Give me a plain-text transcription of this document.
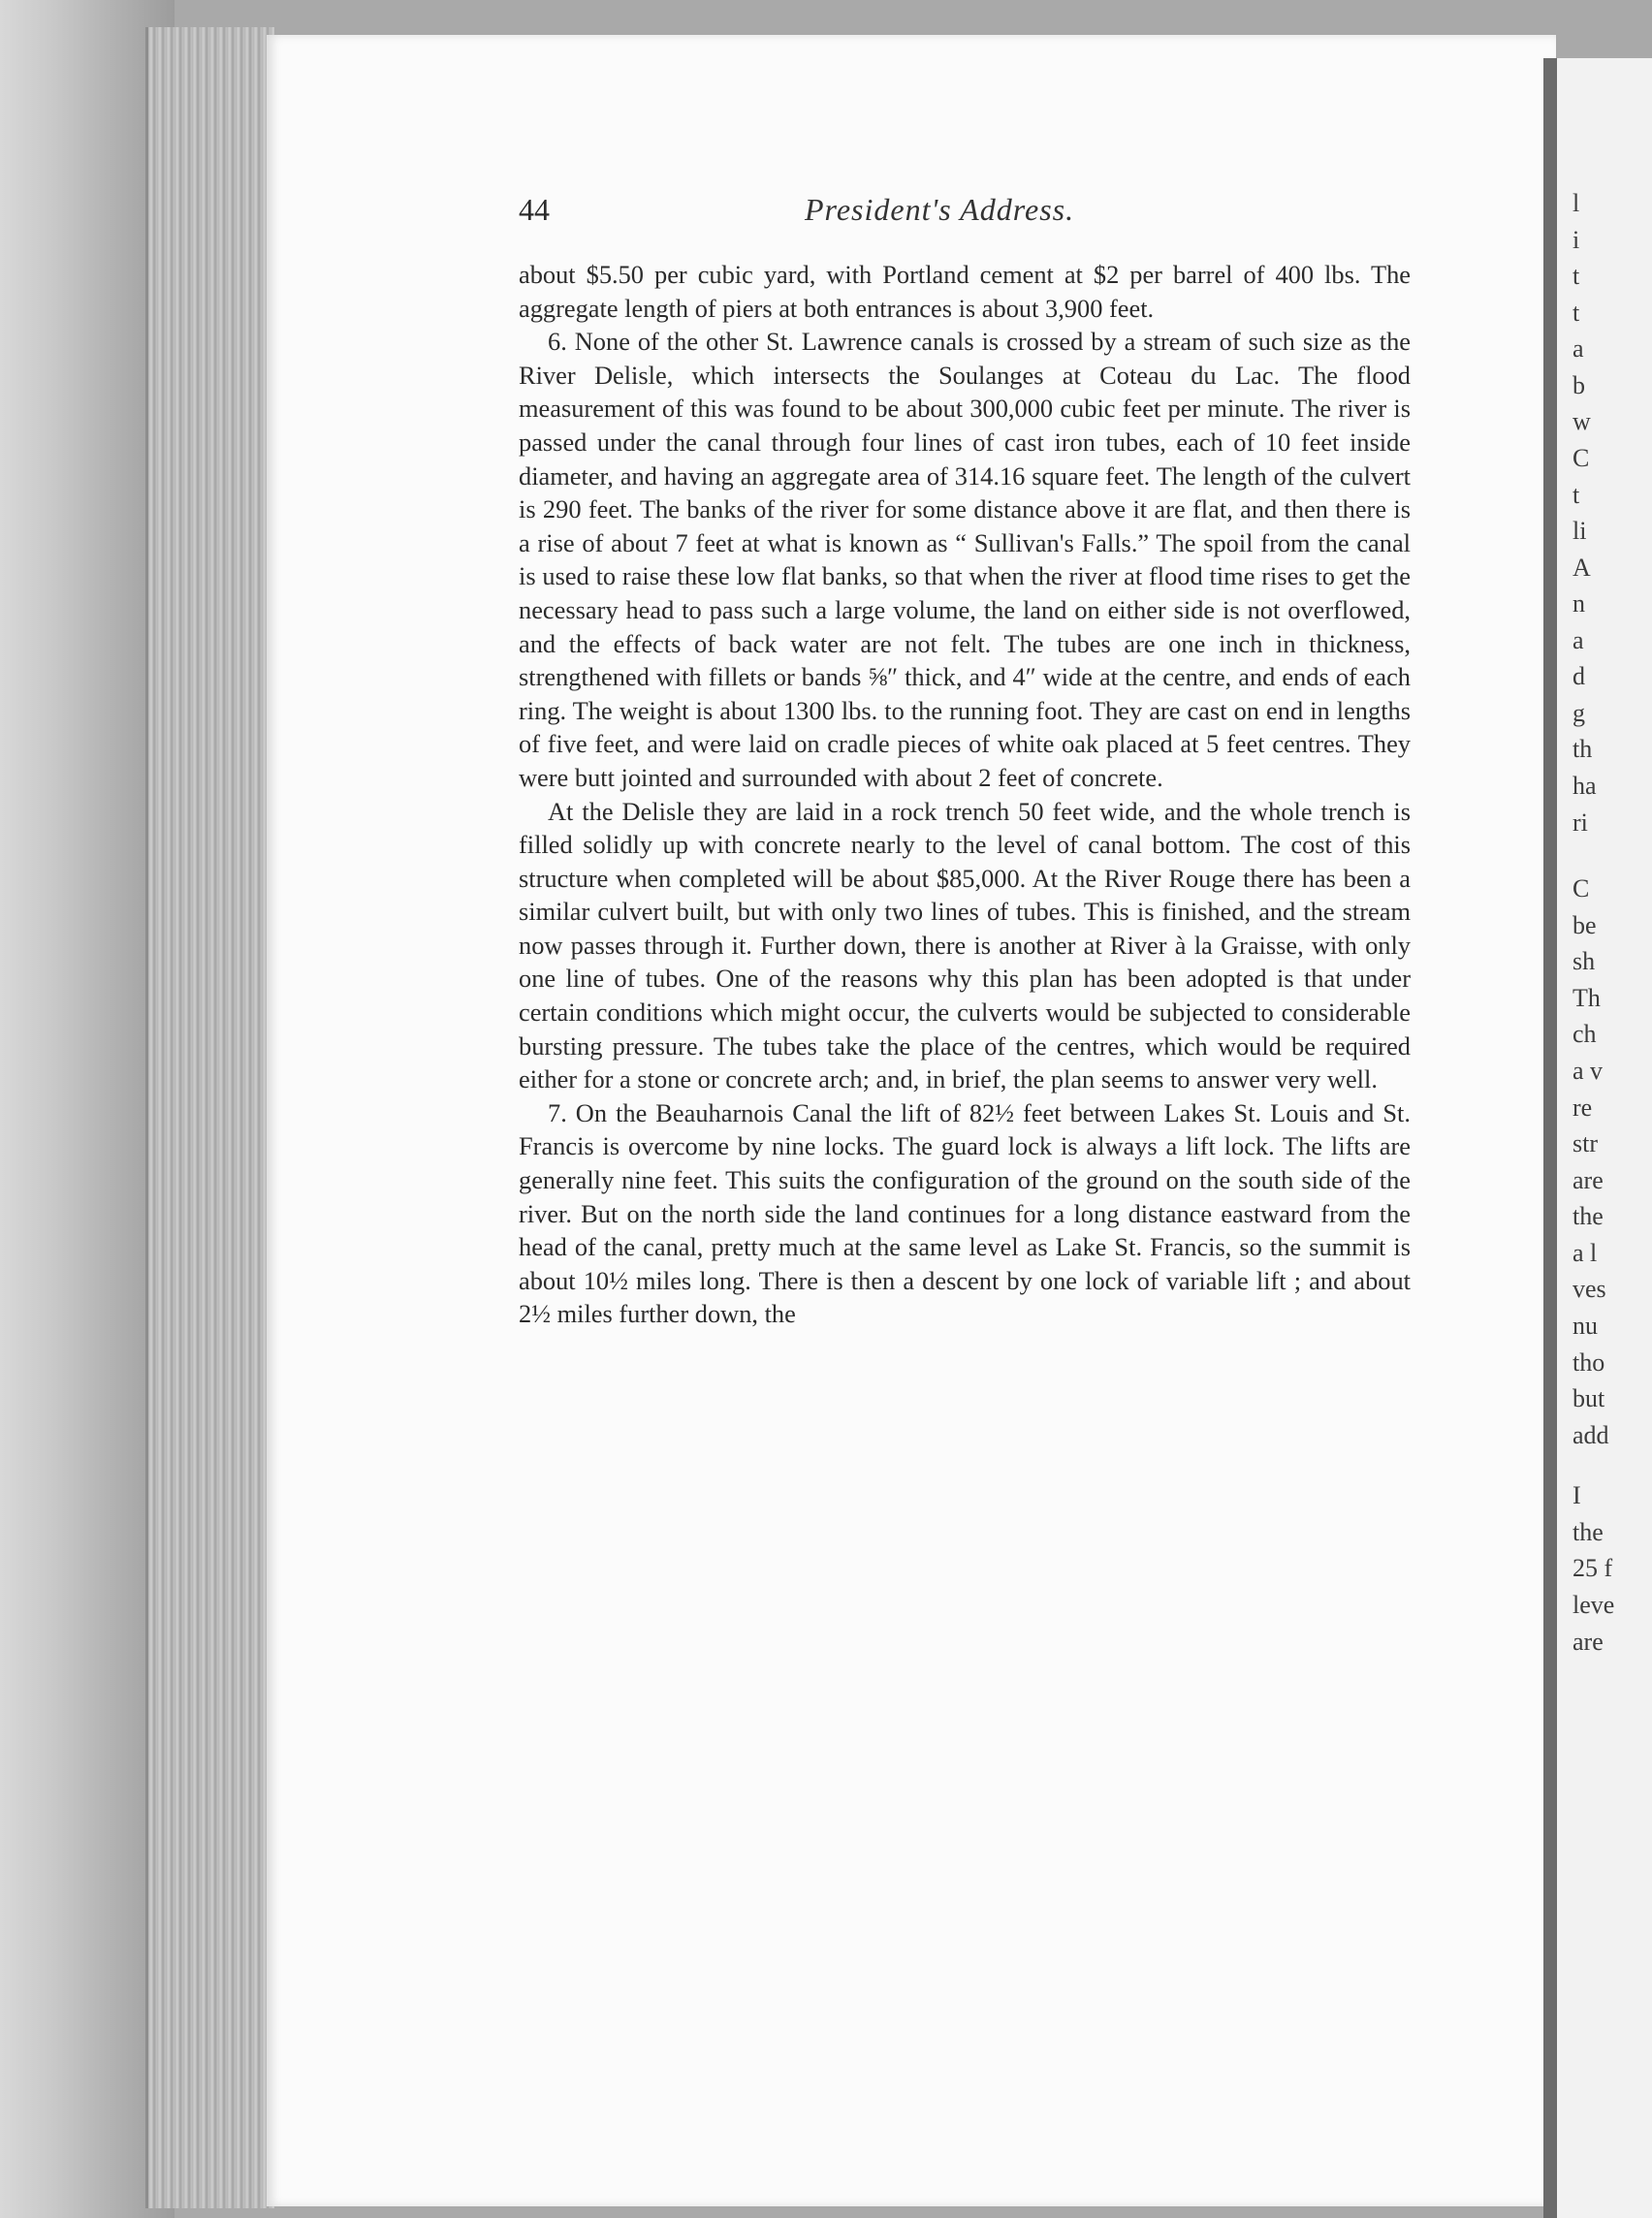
l
i
t
t
a
b
w
C
t
li
A
n
a
d
g
th
ha
ri
C
be
sh
Th
ch
a v
re
str
are
the
a l
ves
nu
tho
but
add
I
the
25 f
leve
are
44	President's Address.

about $5.50 per cubic yard, with Portland cement at $2 per barrel of 400 lbs. The aggregate length of piers at both entrances is about 3,900 feet.

6. None of the other St. Lawrence canals is crossed by a stream of such size as the River Delisle, which intersects the Soulanges at Coteau du Lac. The flood measurement of this was found to be about 300,000 cubic feet per minute. The river is passed under the canal through four lines of cast iron tubes, each of 10 feet inside diameter, and having an aggregate area of 314.16 square feet. The length of the culvert is 290 feet. The banks of the river for some distance above it are flat, and then there is a rise of about 7 feet at what is known as “ Sullivan's Falls.” The spoil from the canal is used to raise these low flat banks, so that when the river at flood time rises to get the necessary head to pass such a large volume, the land on either side is not overflowed, and the effects of back water are not felt. The tubes are one inch in thickness, strengthened with fillets or bands ⅝″ thick, and 4″ wide at the centre, and ends of each ring. The weight is about 1300 lbs. to the running foot. They are cast on end in lengths of five feet, and were laid on cradle pieces of white oak placed at 5 feet centres. They were butt jointed and surrounded with about 2 feet of concrete.

At the Delisle they are laid in a rock trench 50 feet wide, and the whole trench is filled solidly up with concrete nearly to the level of canal bottom. The cost of this structure when completed will be about $85,000. At the River Rouge there has been a similar culvert built, but with only two lines of tubes. This is finished, and the stream now passes through it. Further down, there is another at River à la Graisse, with only one line of tubes. One of the reasons why this plan has been adopted is that under certain conditions which might occur, the culverts would be subjected to considerable bursting pressure. The tubes take the place of the centres, which would be required either for a stone or concrete arch; and, in brief, the plan seems to answer very well.

7. On the Beauharnois Canal the lift of 82½ feet between Lakes St. Louis and St. Francis is overcome by nine locks. The guard lock is always a lift lock. The lifts are generally nine feet. This suits the configuration of the ground on the south side of the river. But on the north side the land continues for a long distance eastward from the head of the canal, pretty much at the same level as Lake St. Francis, so the summit is about 10½ miles long. There is then a descent by one lock of variable lift ; and about 2½ miles further down, the
